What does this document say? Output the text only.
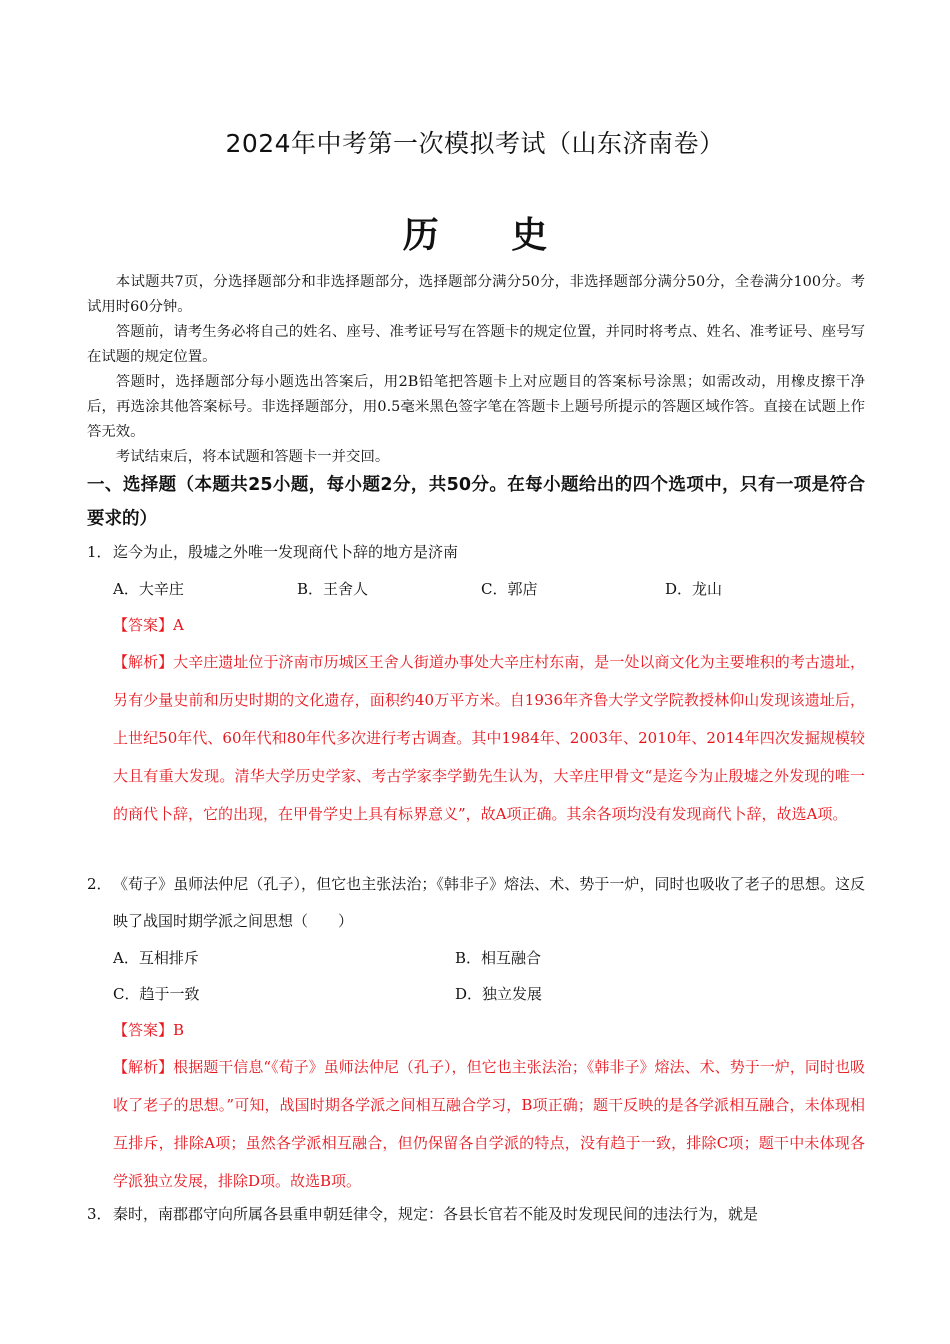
2024年中考第一次模拟考试（山东济南卷）
历 史

本试题共7页，分选择题部分和非选择题部分，选择题部分满分50分，非选择题部分满分50分，全卷满分100分。考试用时60分钟。

答题前，请考生务必将自己的姓名、座号、准考证号写在答题卡的规定位置，并同时将考点、姓名、准考证号、座号写在试题的规定位置。

答题时，选择题部分每小题选出答案后，用2B铅笔把答题卡上对应题目的答案标号涂黑；如需改动，用橡皮擦干净后，再选涂其他答案标号。非选择题部分，用0.5毫米黑色签字笔在答题卡上题号所提示的答题区域作答。直接在试题上作答无效。

考试结束后，将本试题和答题卡一并交回。

一、选择题（本题共25小题，每小题2分，共50分。在每小题给出的四个选项中，只有一项是符合要求的）
1．迄今为止，殷墟之外唯一发现商代卜辞的地方是济南
A．大辛庄	B．王舍人	C．郭店	D．龙山
【答案】A
【解析】大辛庄遗址位于济南市历城区王舍人街道办事处大辛庄村东南，是一处以商文化为主要堆积的考古遗址，另有少量史前和历史时期的文化遗存，面积约40万平方米。自1936年齐鲁大学文学院教授林仰山发现该遗址后，上世纪50年代、60年代和80年代多次进行考古调查。其中1984年、2003年、2010年、2014年四次发掘规模较大且有重大发现。清华大学历史学家、考古学家李学勤先生认为，大辛庄甲骨文“是迄今为止殷墟之外发现的唯一的商代卜辞，它的出现，在甲骨学史上具有标界意义”，故A项正确。其余各项均没有发现商代卜辞，故选A项。
2．《荀子》虽师法仲尼（孔子），但它也主张法治；《韩非子》熔法、术、势于一炉，同时也吸收了老子的思想。这反映了战国时期学派之间思想（　　）
A．互相排斥	B．相互融合
C．趋于一致	D．独立发展
【答案】B
【解析】根据题干信息“《荀子》虽师法仲尼（孔子），但它也主张法治；《韩非子》熔法、术、势于一炉，同时也吸收了老子的思想。”可知，战国时期各学派之间相互融合学习，B项正确；题干反映的是各学派相互融合，未体现相互排斥，排除A项；虽然各学派相互融合，但仍保留各自学派的特点，没有趋于一致，排除C项；题干中未体现各学派独立发展，排除D项。故选B项。
3．秦时，南郡郡守向所属各县重申朝廷律令，规定：各县长官若不能及时发现民间的违法行为，就是
